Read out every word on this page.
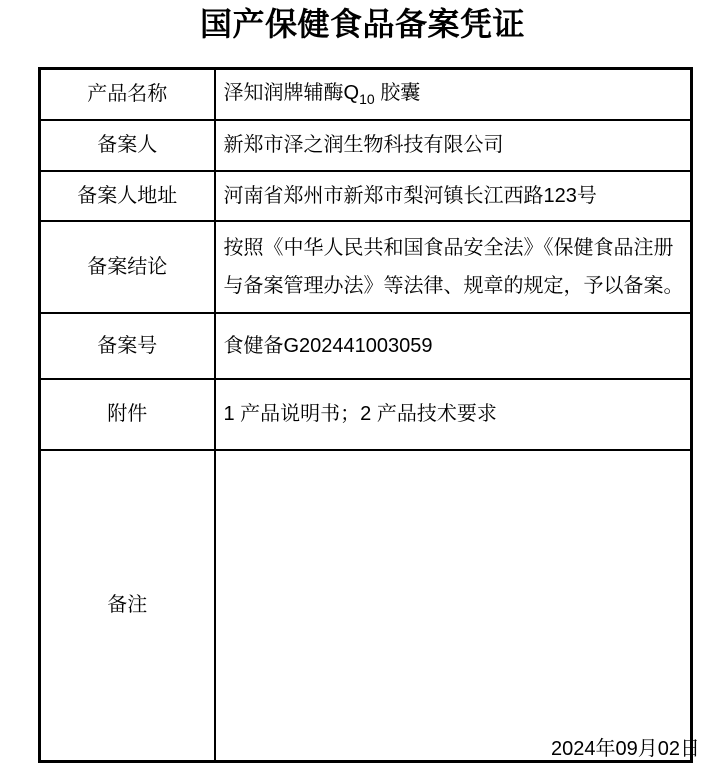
国产保健食品备案凭证
产品名称	泽知润牌辅酶$Q_{10}$ 胶囊
备案人	新郑市泽之润生物科技有限公司
备案人地址	河南省郑州市新郑市梨河镇长江西路123号
备案结论	按照《中华人民共和国食品安全法》《保健食品注册
与备案管理办法》等法律、规章的规定，予以备案。

备案号	食健备G202441003059
附件	1 产品说明书；2 产品技术要求
备注	
2024年09月02日
